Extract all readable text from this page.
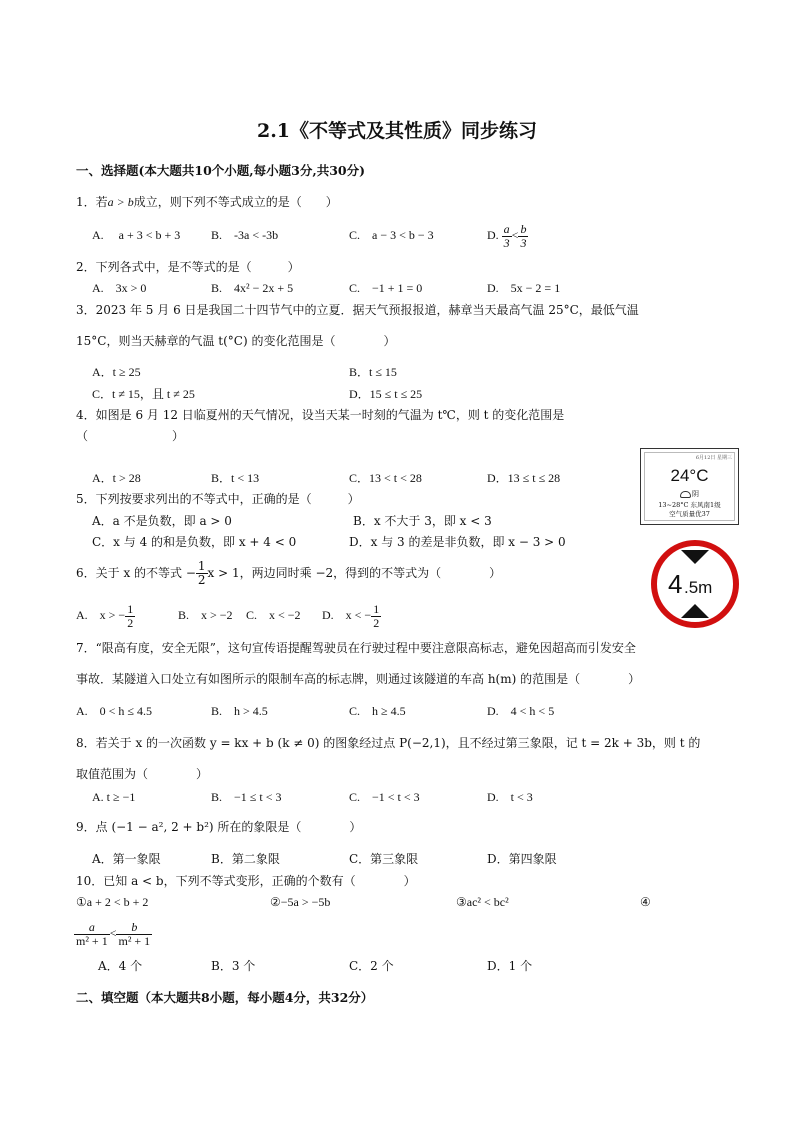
2.1《不等式及其性质》同步练习
一、选择题(本大题共10个小题,每小题3分,共30分)
1．若a > b成立，则下列不等式成立的是（　　）
A.　 a + 3 < b + 3	B.　-3a < -3b	C.　a − 3 < b − 3	D. $\frac{a}{3} < \frac{b}{3}$
2．下列各式中，是不等式的是（　　　）
A.　3x > 0	B.　4x² − 2x + 5	C.　−1 + 1 = 0	D.　5x − 2 = 1
3．2023 年 5 月 6 日是我国二十四节气中的立夏．据天气预报报道，赫章当天最高气温 25°C，最低气温
15°C，则当天赫章的气温 t(°C) 的变化范围是（　　　　）
A．t ≥ 25	B．t ≤ 15
C．t ≠ 15，且 t ≠ 25	D．15 ≤ t ≤ 25
4．如图是 6 月 12 日临夏州的天气情况，设当天某一时刻的气温为 t℃，则 t 的变化范围是
（　　　　　　　）
A．t > 28	B．t < 13	C．13 < t < 28	D．13 ≤ t ≤ 28
6月12日 星期三
24°C
阴
13~28°C 东风南1级
空气质量优37
5．下列按要求列出的不等式中，正确的是（　　　）
A．a 不是负数，即 a > 0	B．x 不大于 3，即 x < 3
C．x 与 4 的和是负数，即 x + 4 < 0	D．x 与 3 的差是非负数，即 x − 3 > 0
6．关于 x 的不等式 − $\frac{1}{2}$ x > 1，两边同时乘 −2，得到的不等式为（　　　　）
A.　x > − $\frac{1}{2}$	B.　x > −2 C.　x < −2 D.　x < − $\frac{1}{2}$
4 .5m
7．“限高有度，安全无限”，这句宣传语提醒驾驶员在行驶过程中要注意限高标志，避免因超高而引发安全
事故．某隧道入口处立有如图所示的限制车高的标志牌，则通过该隧道的车高 h(m) 的范围是（　　　　）
A.　0 < h ≤ 4.5	B.　h > 4.5	C.　h ≥ 4.5	D.　4 < h < 5
8．若关于 x 的一次函数 y = kx + b (k ≠ 0) 的图象经过点 P(−2,1)，且不经过第三象限，记 t = 2k + 3b，则 t 的
取值范围为（　　　　）
A. t ≥ −1	B.　−1 ≤ t < 3	C.　−1 < t < 3	D.　t < 3
9．点 (−1 − a², 2 + b²) 所在的象限是（　　　　）
A．第一象限	B．第二象限	C．第三象限	D．第四象限
10．已知 a < b，下列不等式变形，正确的个数有（　　　　）
①a + 2 < b + 2	②−5a > −5b	③ac² < bc²	④
$\frac{a}{\text{m² + 1}} < \frac{b}{\text{m² + 1}}$
A．4 个	B．3 个	C．2 个	D．1 个
二、填空题（本大题共8小题，每小题4分，共32分）
